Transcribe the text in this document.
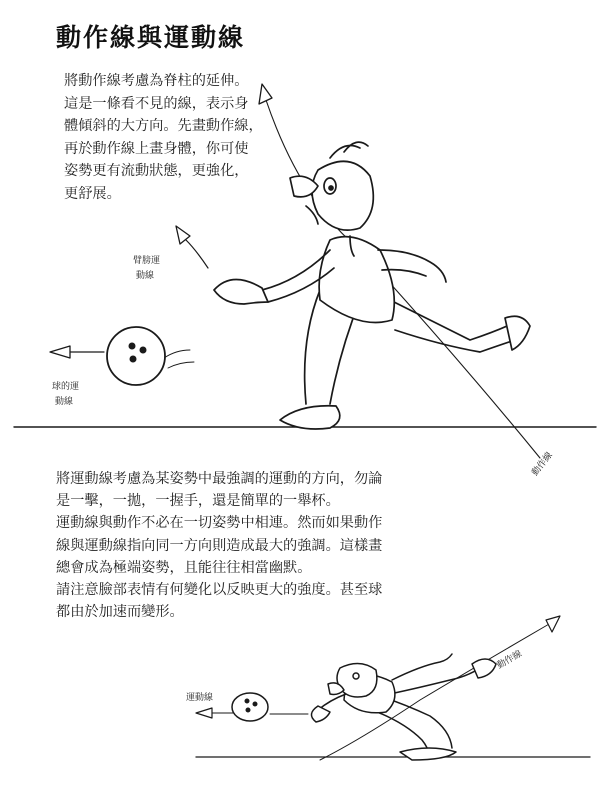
動作線與運動線

將動作線考慮為脊柱的延伸。
這是一條看不見的線，表示身
體傾斜的大方向。先畫動作線，
再於動作線上畫身體，你可使
姿勢更有流動狀態，更強化，
更舒展。

將運動線考慮為某姿勢中最強調的運動的方向，勿論
是一擊，一拋，一握手，還是簡單的一舉杯。
運動線與動作不必在一切姿勢中相連。然而如果動作
線與運動線指向同一方向則造成最大的強調。這樣畫
總會成為極端姿勢，且能往往相當幽默。
請注意臉部表情有何變化以反映更大的強度。甚至球
都由於加速而變形。

臂膀運
動線
球的運
動線
動作線
動作線
運動線
